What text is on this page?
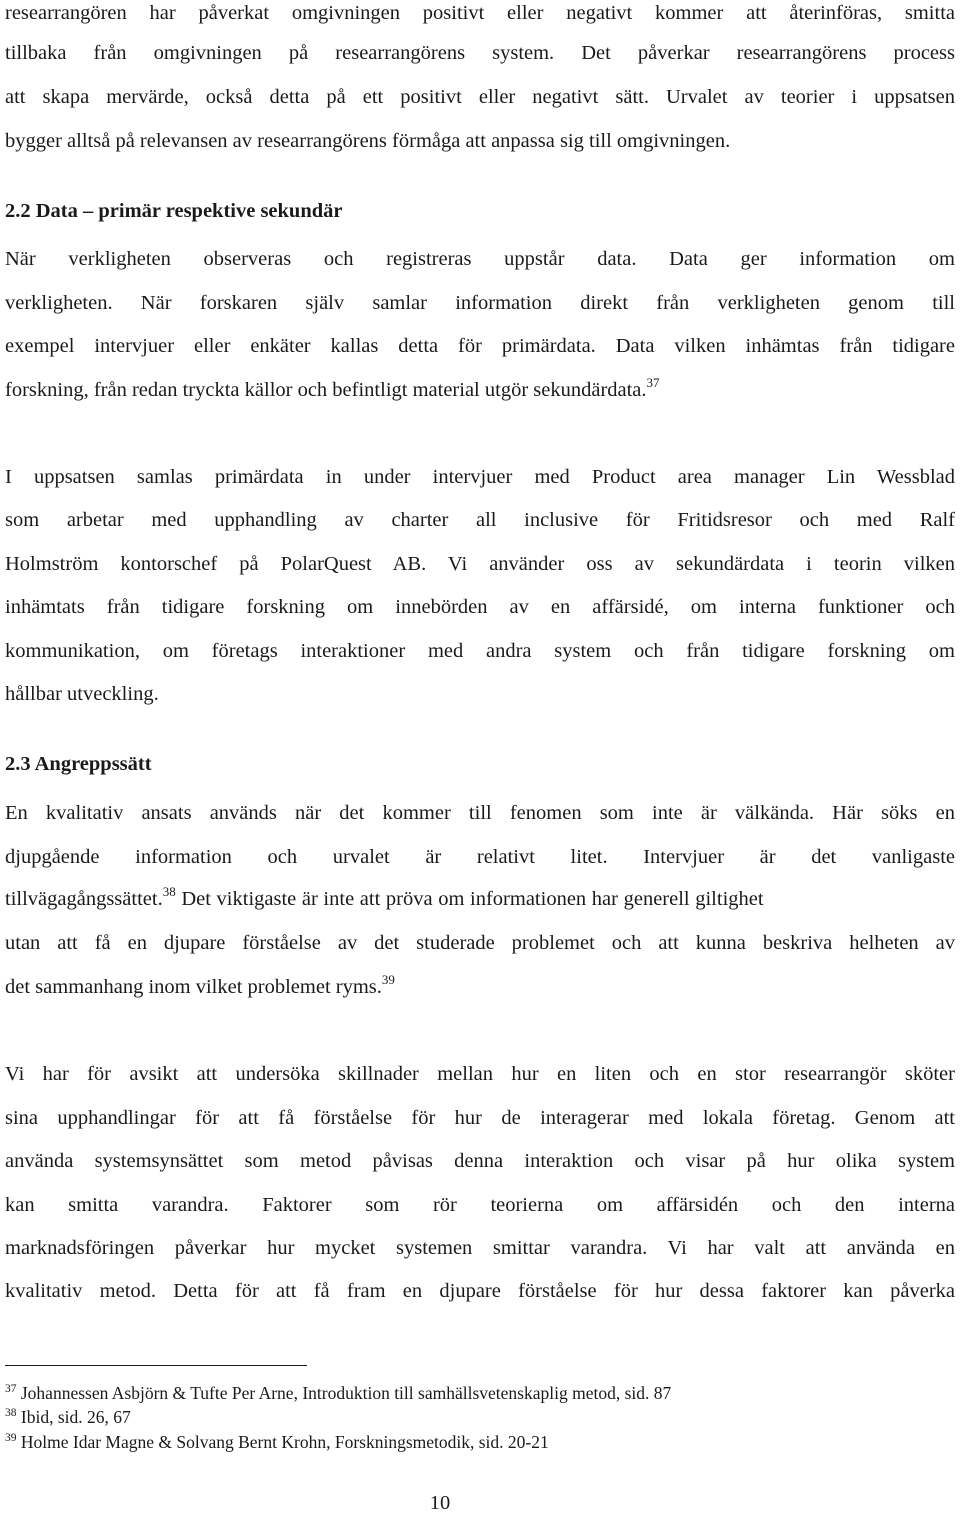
researrangören har påverkat omgivningen positivt eller negativt kommer att återinföras, smitta
tillbaka från omgivningen på researrangörens system. Det påverkar researrangörens process
att skapa mervärde, också detta på ett positivt eller negativt sätt. Urvalet av teorier i uppsatsen
bygger alltså på relevansen av researrangörens förmåga att anpassa sig till omgivningen.
2.2 Data – primär respektive sekundär
När verkligheten observeras och registreras uppstår data. Data ger information om
verkligheten. När forskaren själv samlar information direkt från verkligheten genom till
exempel intervjuer eller enkäter kallas detta för primärdata. Data vilken inhämtas från tidigare
forskning, från redan tryckta källor och befintligt material utgör sekundärdata.$^{37}$
I uppsatsen samlas primärdata in under intervjuer med Product area manager Lin Wessblad
som arbetar med upphandling av charter all inclusive för Fritidsresor och med Ralf
Holmström kontorschef på PolarQuest AB. Vi använder oss av sekundärdata i teorin vilken
inhämtats från tidigare forskning om innebörden av en affärsidé, om interna funktioner och
kommunikation, om företags interaktioner med andra system och från tidigare forskning om
hållbar utveckling.
2.3 Angreppssätt
En kvalitativ ansats används när det kommer till fenomen som inte är välkända. Här söks en
djupgående information och urvalet är relativt litet. Intervjuer är det vanligaste
tillvägagångssättet.$^{38}$ Det viktigaste är inte att pröva om informationen har generell giltighet
utan att få en djupare förståelse av det studerade problemet och att kunna beskriva helheten av
det sammanhang inom vilket problemet ryms.$^{39}$
Vi har för avsikt att undersöka skillnader mellan hur en liten och en stor researrangör sköter
sina upphandlingar för att få förståelse för hur de interagerar med lokala företag. Genom att
använda systemsynsättet som metod påvisas denna interaktion och visar på hur olika system
kan smitta varandra. Faktorer som rör teorierna om affärsidén och den interna
marknadsföringen påverkar hur mycket systemen smittar varandra. Vi har valt att använda en
kvalitativ metod. Detta för att få fram en djupare förståelse för hur dessa faktorer kan påverka
$^{37}$ Johannessen Asbjörn & Tufte Per Arne, Introduktion till samhällsvetenskaplig metod, sid. 87
$^{38}$ Ibid, sid. 26, 67
$^{39}$ Holme Idar Magne & Solvang Bernt Krohn, Forskningsmetodik, sid. 20-21
10
